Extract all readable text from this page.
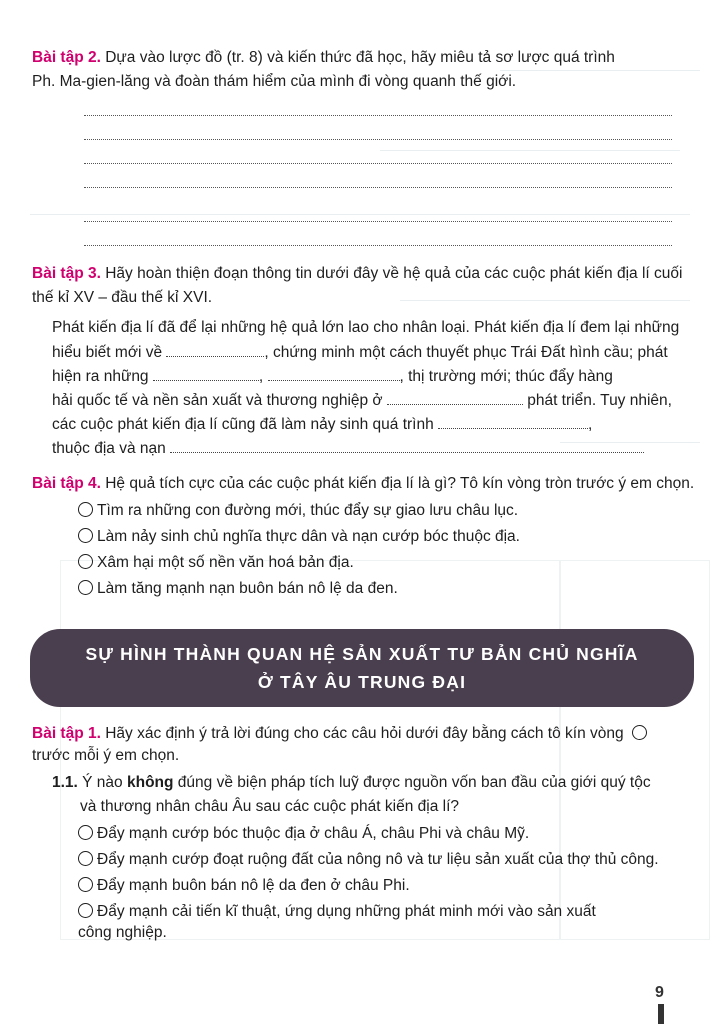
Bài tập 2. Dựa vào lược đồ (tr. 8) và kiến thức đã học, hãy miêu tả sơ lược quá trình
Ph. Ma-gien-lăng và đoàn thám hiểm của mình đi vòng quanh thế giới.
Bài tập 3. Hãy hoàn thiện đoạn thông tin dưới đây về hệ quả của các cuộc phát kiến địa lí cuối
thế kỉ XV – đầu thế kỉ XVI.
Phát kiến địa lí đã để lại những hệ quả lớn lao cho nhân loại. Phát kiến địa lí đem lại những
hiểu biết mới về	, chứng minh một cách thuyết phục Trái Đất hình cầu; phát
hiện ra những	,	, thị trường mới; thúc đẩy hàng
hải quốc tế và nền sản xuất và thương nghiệp ở	phát triển. Tuy nhiên,
các cuộc phát kiến địa lí cũng đã làm nảy sinh quá trình	,
thuộc địa và nạn
Bài tập 4. Hệ quả tích cực của các cuộc phát kiến địa lí là gì? Tô kín vòng tròn trước ý em chọn.
Tìm ra những con đường mới, thúc đẩy sự giao lưu châu lục.
Làm nảy sinh chủ nghĩa thực dân và nạn cướp bóc thuộc địa.
Xâm hại một số nền văn hoá bản địa.
Làm tăng mạnh nạn buôn bán nô lệ da đen.
SỰ HÌNH THÀNH QUAN HỆ SẢN XUẤT TƯ BẢN CHỦ NGHĨA
Ở TÂY ÂU TRUNG ĐẠI
Bài tập 1. Hãy xác định ý trả lời đúng cho các câu hỏi dưới đây bằng cách tô kín vòng
trước mỗi ý em chọn.
1.1. Ý nào không đúng về biện pháp tích luỹ được nguồn vốn ban đầu của giới quý tộc
và thương nhân châu Âu sau các cuộc phát kiến địa lí?
Đẩy mạnh cướp bóc thuộc địa ở châu Á, châu Phi và châu Mỹ.
Đẩy mạnh cướp đoạt ruộng đất của nông nô và tư liệu sản xuất của thợ thủ công.
Đẩy mạnh buôn bán nô lệ da đen ở châu Phi.
Đẩy mạnh cải tiến kĩ thuật, ứng dụng những phát minh mới vào sản xuất
công nghiệp.
9
